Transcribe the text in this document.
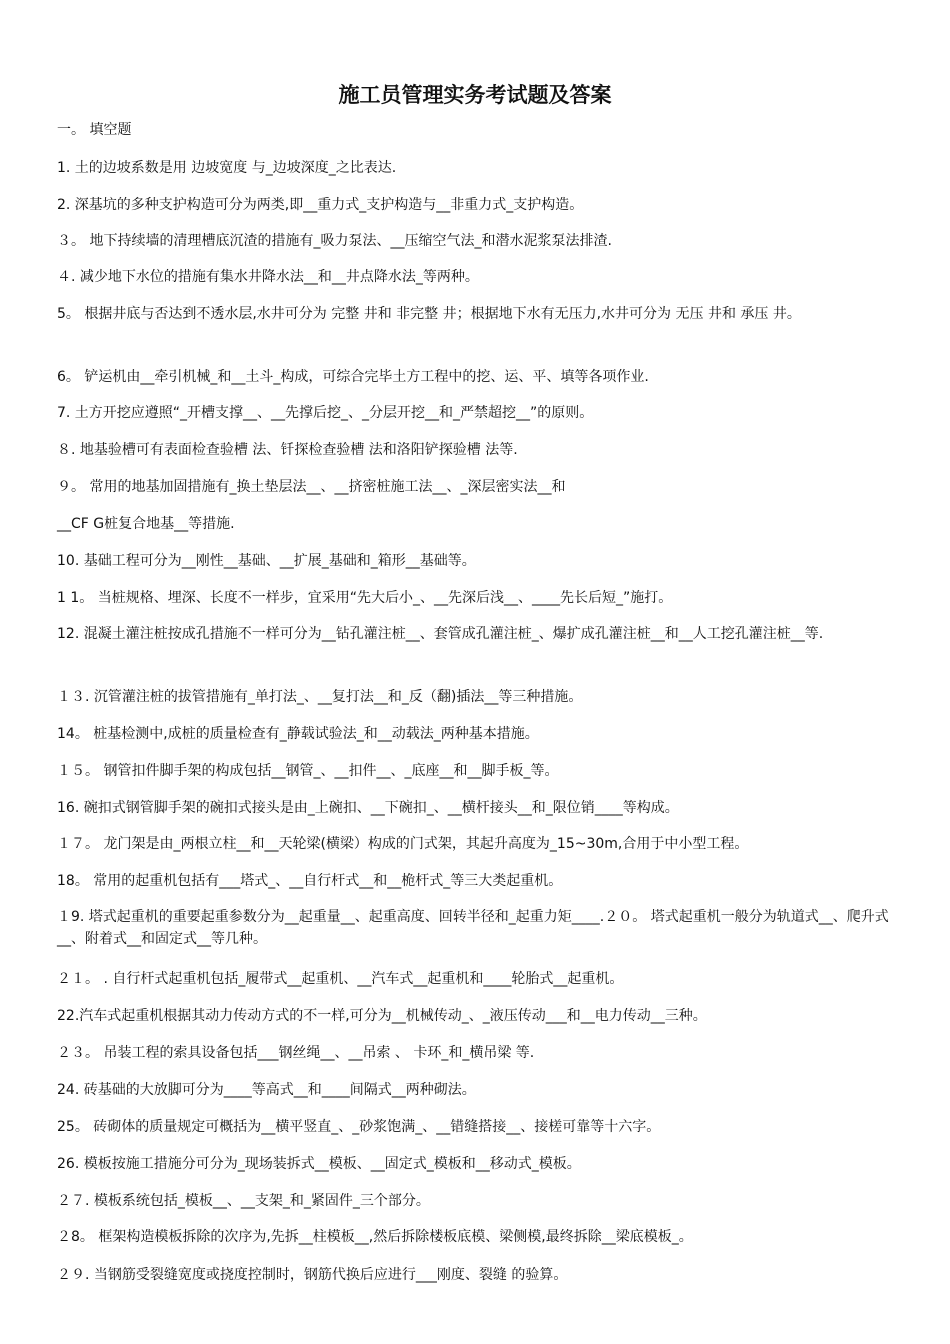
施工员管理实务考试题及答案
一。 填空题
1. 土的边坡系数是用 边坡宽度 与_边坡深度_之比表达.
2. 深基坑的多种支护构造可分为两类,即__重力式_支护构造与__非重力式_支护构造。
３。 地下持续墙的清理槽底沉渣的措施有_吸力泵法、__压缩空气法_和潜水泥浆泵法排渣.
４. 减少地下水位的措施有集水井降水法__和__井点降水法_等两种。
5。 根据井底与否达到不透水层,水井可分为 完整 井和 非完整 井；根据地下水有无压力,水井可分为 无压 井和 承压 井。
6。 铲运机由__牵引机械_和__土斗_构成，可综合完毕土方工程中的挖、运、平、填等各项作业.
7. 土方开挖应遵照“_开槽支撑__、__先撑后挖_、_分层开挖__和_严禁超挖__”的原则。
８. 地基验槽可有表面检查验槽 法、钎探检查验槽 法和洛阳铲探验槽 法等.
９。 常用的地基加固措施有_换土垫层法__、__挤密桩施工法__、_深层密实法__和
__CF G桩复合地基__等措施.
10. 基础工程可分为__刚性__基础、__扩展_基础和_箱形__基础等。
1 1。 当桩规格、埋深、长度不一样步，宜采用“先大后小_、__先深后浅__、____先长后短_”施打。
12. 混凝土灌注桩按成孔措施不一样可分为__钻孔灌注桩__、套管成孔灌注桩_、爆扩成孔灌注桩__和__人工挖孔灌注桩__等.
１３. 沉管灌注桩的拔管措施有_单打法_、__复打法__和_反（翻)插法__等三种措施。
14。 桩基检测中,成桩的质量检查有_静载试验法_和__动载法_两种基本措施。
１５。 钢管扣件脚手架的构成包括__钢管_、__扣件__、_底座__和__脚手板_等。
16. 碗扣式钢管脚手架的碗扣式接头是由_上碗扣、__下碗扣_、__横杆接头__和_限位销____等构成。
１７。 龙门架是由_两根立柱__和__天轮梁(横梁）构成的门式架，其起升高度为_15~30m,合用于中小型工程。
18。 常用的起重机包括有___塔式_、__自行杆式__和__桅杆式_等三大类起重机。
１9. 塔式起重机的重要起重参数分为__起重量__、起重高度、回转半径和_起重力矩____.２０。 塔式起重机一般分为轨道式__、爬升式__、附着式__和固定式__等几种。
２１。 . 自行杆式起重机包括_履带式__起重机、__汽车式__起重机和____轮胎式__起重机。
22.汽车式起重机根据其动力传动方式的不一样,可分为__机械传动_、_液压传动___和__电力传动__三种。
２３。 吊装工程的索具设备包括___钢丝绳__、__吊索 、 卡环_和_横吊梁 等.
24. 砖基础的大放脚可分为____等高式__和____间隔式__两种砌法。
25。 砖砌体的质量规定可概括为__横平竖直_、_砂浆饱满_、__错缝搭接__、接槎可靠等十六字。
26. 模板按施工措施分可分为_现场装拆式__模板、__固定式_模板和__移动式_模板。
２７. 模板系统包括_模板__、__支架_和_紧固件_三个部分。
２8。 框架构造模板拆除的次序为,先拆__柱模板__,然后拆除楼板底模、梁侧模,最终拆除__梁底模板_。
２９. 当钢筋受裂缝宽度或挠度控制时，钢筋代换后应进行___刚度、裂缝 的验算。
